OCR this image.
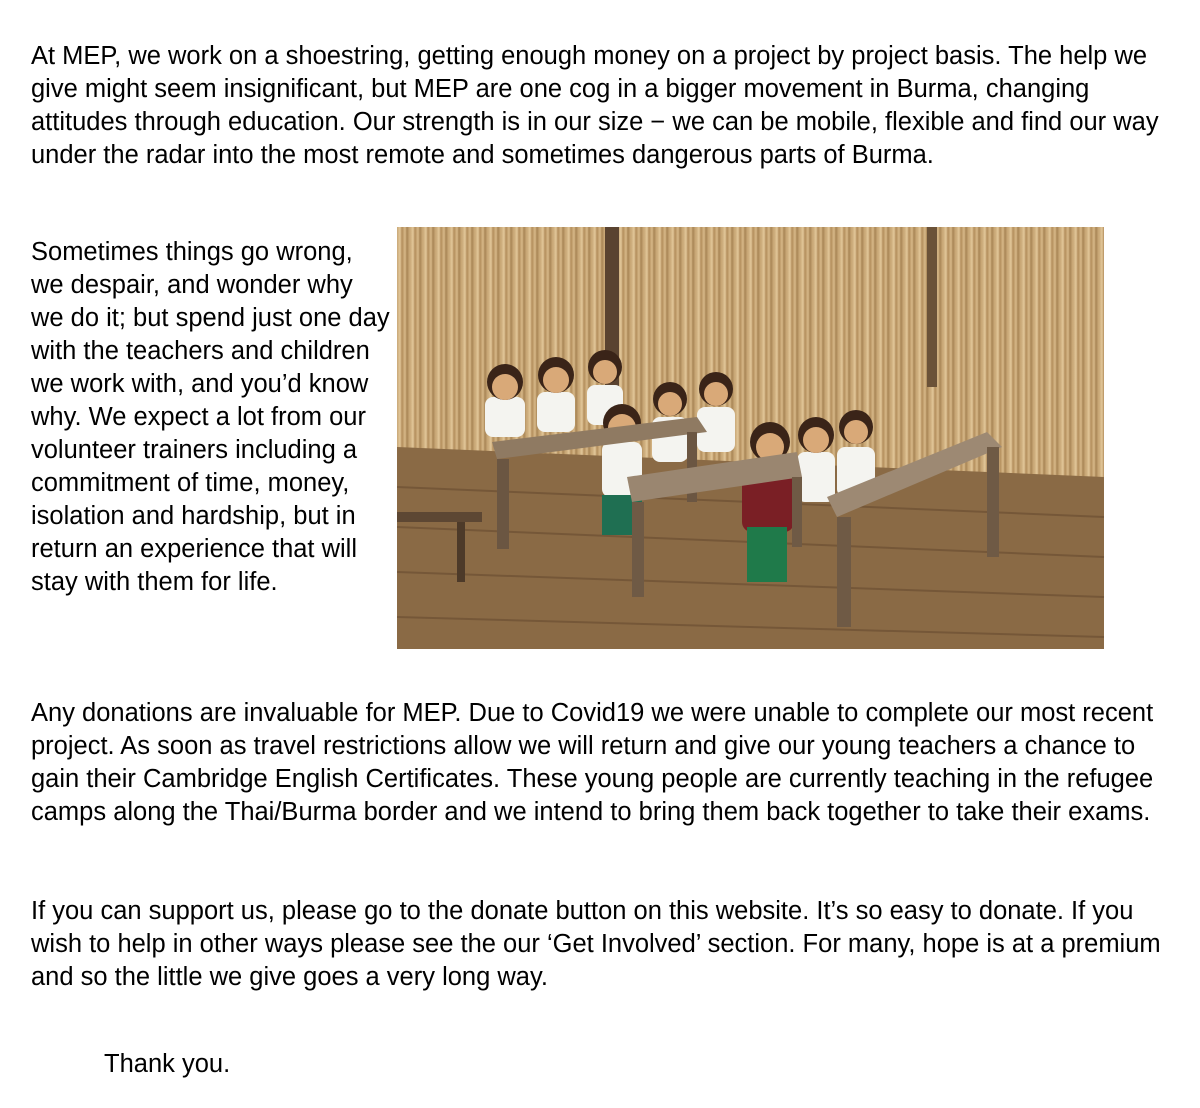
At MEP, we work on a shoestring, getting enough money on a project by project basis. The help we give might seem insignificant, but MEP are one cog in a bigger movement in Burma, changing attitudes through education. Our strength is in our size − we can be mobile, flexible and find our way under the radar into the most remote and sometimes dangerous parts of Burma.

Sometimes things go wrong, we despair, and wonder why we do it; but spend just one day with the teachers and children we work with, and you’d know why. We expect a lot from our volunteer trainers including a commitment of time, money, isolation and hardship, but in return an experience that will stay with them for life.

Any donations are invaluable for MEP. Due to Covid19 we were unable to complete our most recent project. As soon as travel restrictions allow we will return and give our young teachers a chance to gain their Cambridge English Certificates. These young people are currently teaching in the refugee camps along the Thai/Burma border and we intend to bring them back together to take their exams.

If you can support us, please go to the donate button on this website. It’s so easy to donate. If you wish to help in other ways please see the our ‘Get Involved’ section. For many, hope is at a premium and so the little we give goes a very long way.

Thank you.
